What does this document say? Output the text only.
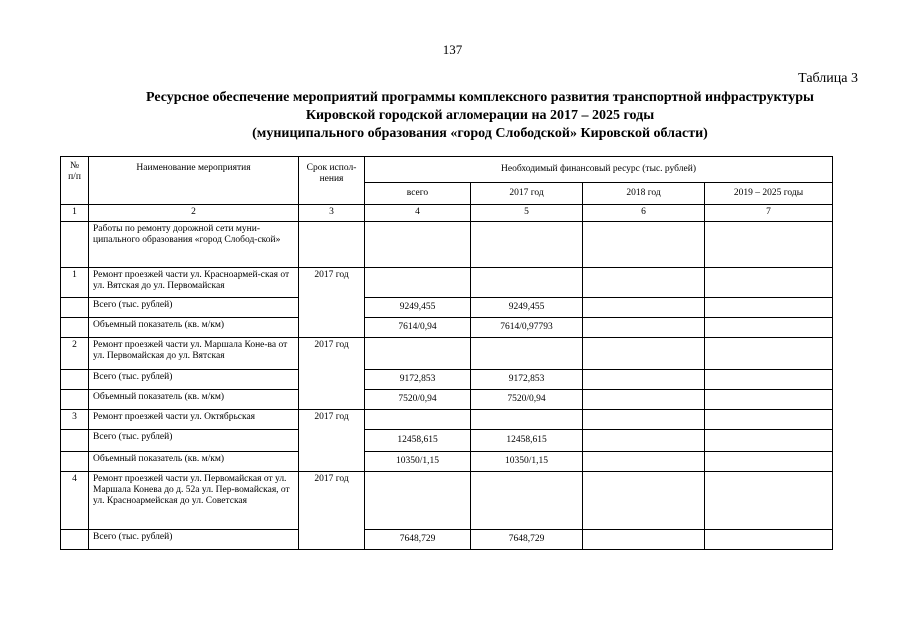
137
Таблица 3
Ресурсное обеспечение мероприятий программы комплексного развития транспортной инфраструктуры
Кировской городской агломерации на 2017 – 2025 годы
(муниципального образования «город Слободской» Кировской области)
№ п/п	Наименование мероприятия	Срок испол-нения	Необходимый финансовый ресурс (тыс. рублей)			
			всего	2017 год	2018 год	2019 – 2025 годы
1	2	3	4	5	6	7
	Работы по ремонту дорожной сети муни-ципального образования «город Слобод-ской»					
1	Ремонт проезжей части ул. Красноармей-ская от ул. Вятская до ул. Первомайская	2017 год				
	Всего (тыс. рублей)		9249,455	9249,455		
	Объемный показатель (кв. м/км)		7614/0,94	7614/0,97793		
2	Ремонт проезжей части ул. Маршала Коне-ва от ул. Первомайская до ул. Вятская	2017 год				
	Всего (тыс. рублей)		9172,853	9172,853		
	Объемный показатель (кв. м/км)		7520/0,94	7520/0,94		
3	Ремонт проезжей части ул. Октябрьская	2017 год				
	Всего (тыс. рублей)		12458,615	12458,615		
	Объемный показатель (кв. м/км)		10350/1,15	10350/1,15		
4	Ремонт проезжей части ул. Первомайская от ул. Маршала Конева до д. 52а ул. Пер-вомайская, от ул. Красноармейская до ул. Советская	2017 год				
	Всего (тыс. рублей)		7648,729	7648,729		
